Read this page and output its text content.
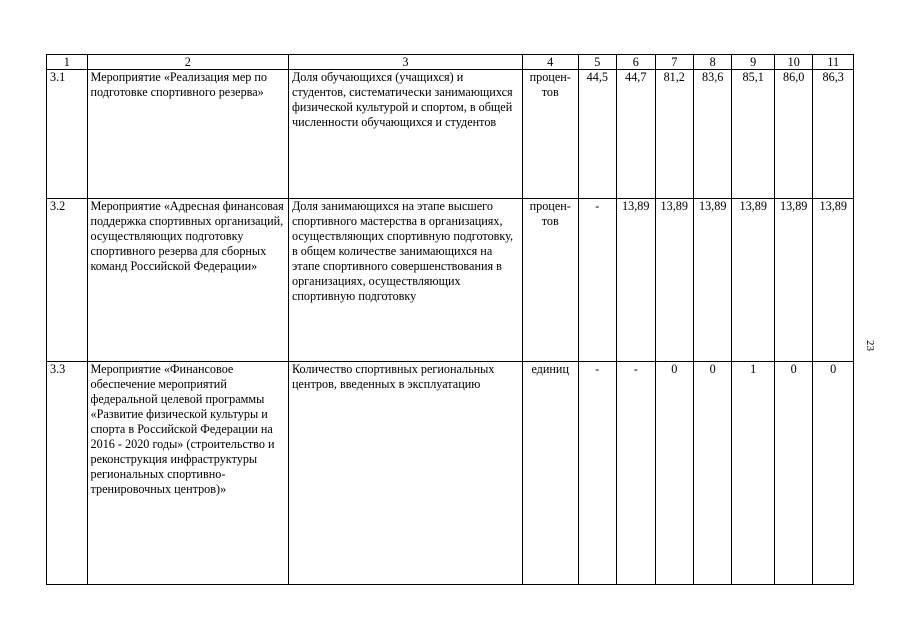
1	2	3	4	5	6	7	8	9	10	11
3.1	Мероприятие «Реализация мер по подготовке спортивного резерва»	Доля обучающихся (учащихся) и студентов, систематически занимающихся физической культурой и спортом, в общей численности обучающихся и студентов	процен-тов	44,5	44,7	81,2	83,6	85,1	86,0	86,3
3.2	Мероприятие «Адресная финансовая поддержка спортивных организаций, осуществляющих подготовку спортивного резерва для сборных команд Российской Федерации»	Доля занимающихся на этапе высшего спортивного мастерства в организациях, осуществляющих спортивную подготовку, в общем количестве занимающихся на этапе спортивного совершенствования в организациях, осуществляющих спортивную подготовку	процен-тов	-	13,89	13,89	13,89	13,89	13,89	13,89
3.3	Мероприятие «Финансовое обеспечение мероприятий федеральной целевой программы «Развитие физической культуры и спорта в Российской Федерации на 2016 - 2020 годы» (строительство и реконструкция инфраструктуры региональных спортивно-тренировочных центров)»	Количество спортивных региональных центров, введенных в эксплуатацию	единиц	-	-	0	0	1	0	0
23
